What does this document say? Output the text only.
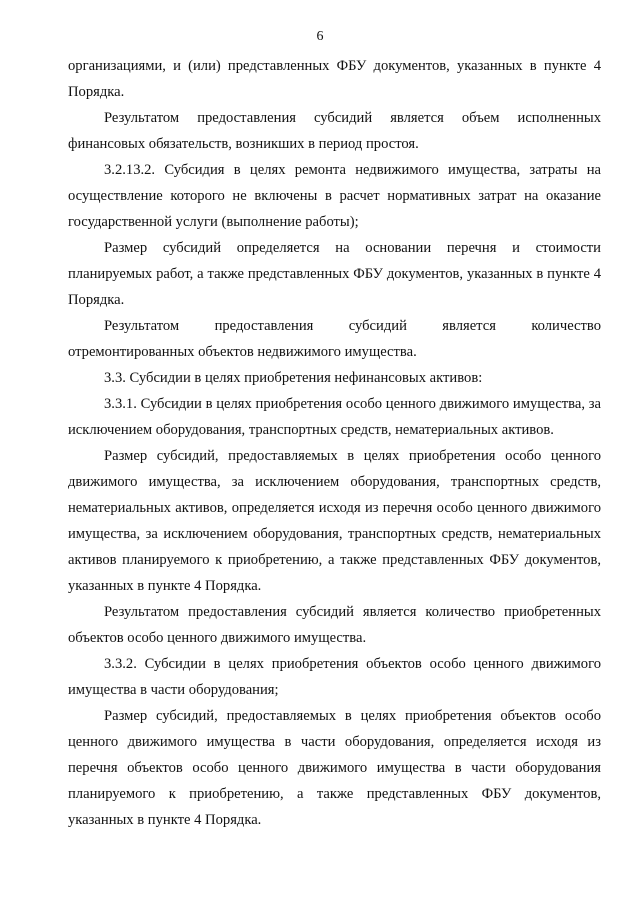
6

организациями, и (или) представленных ФБУ документов, указанных в пункте 4 Порядка.

Результатом предоставления субсидий является объем исполненных финансовых обязательств, возникших в период простоя.

3.2.13.2. Субсидия в целях ремонта недвижимого имущества, затраты на осуществление которого не включены в расчет нормативных затрат на оказание государственной услуги (выполнение работы);

Размер субсидий определяется на основании перечня и стоимости планируемых работ, а также представленных ФБУ документов, указанных в пункте 4 Порядка.

Результатом предоставления субсидий является количество отремонтированных объектов недвижимого имущества.

3.3. Субсидии в целях приобретения нефинансовых активов:

3.3.1. Субсидии в целях приобретения особо ценного движимого имущества, за исключением оборудования, транспортных средств, нематериальных активов.

Размер субсидий, предоставляемых в целях приобретения особо ценного движимого имущества, за исключением оборудования, транспортных средств, нематериальных активов, определяется исходя из перечня особо ценного движимого имущества, за исключением оборудования, транспортных средств, нематериальных активов планируемого к приобретению, а также представленных ФБУ документов, указанных в пункте 4 Порядка.

Результатом предоставления субсидий является количество приобретенных объектов особо ценного движимого имущества.

3.3.2. Субсидии в целях приобретения объектов особо ценного движимого имущества в части оборудования;

Размер субсидий, предоставляемых в целях приобретения объектов особо ценного движимого имущества в части оборудования, определяется исходя из перечня объектов особо ценного движимого имущества в части оборудования планируемого к приобретению, а также представленных ФБУ документов, указанных в пункте 4 Порядка.
